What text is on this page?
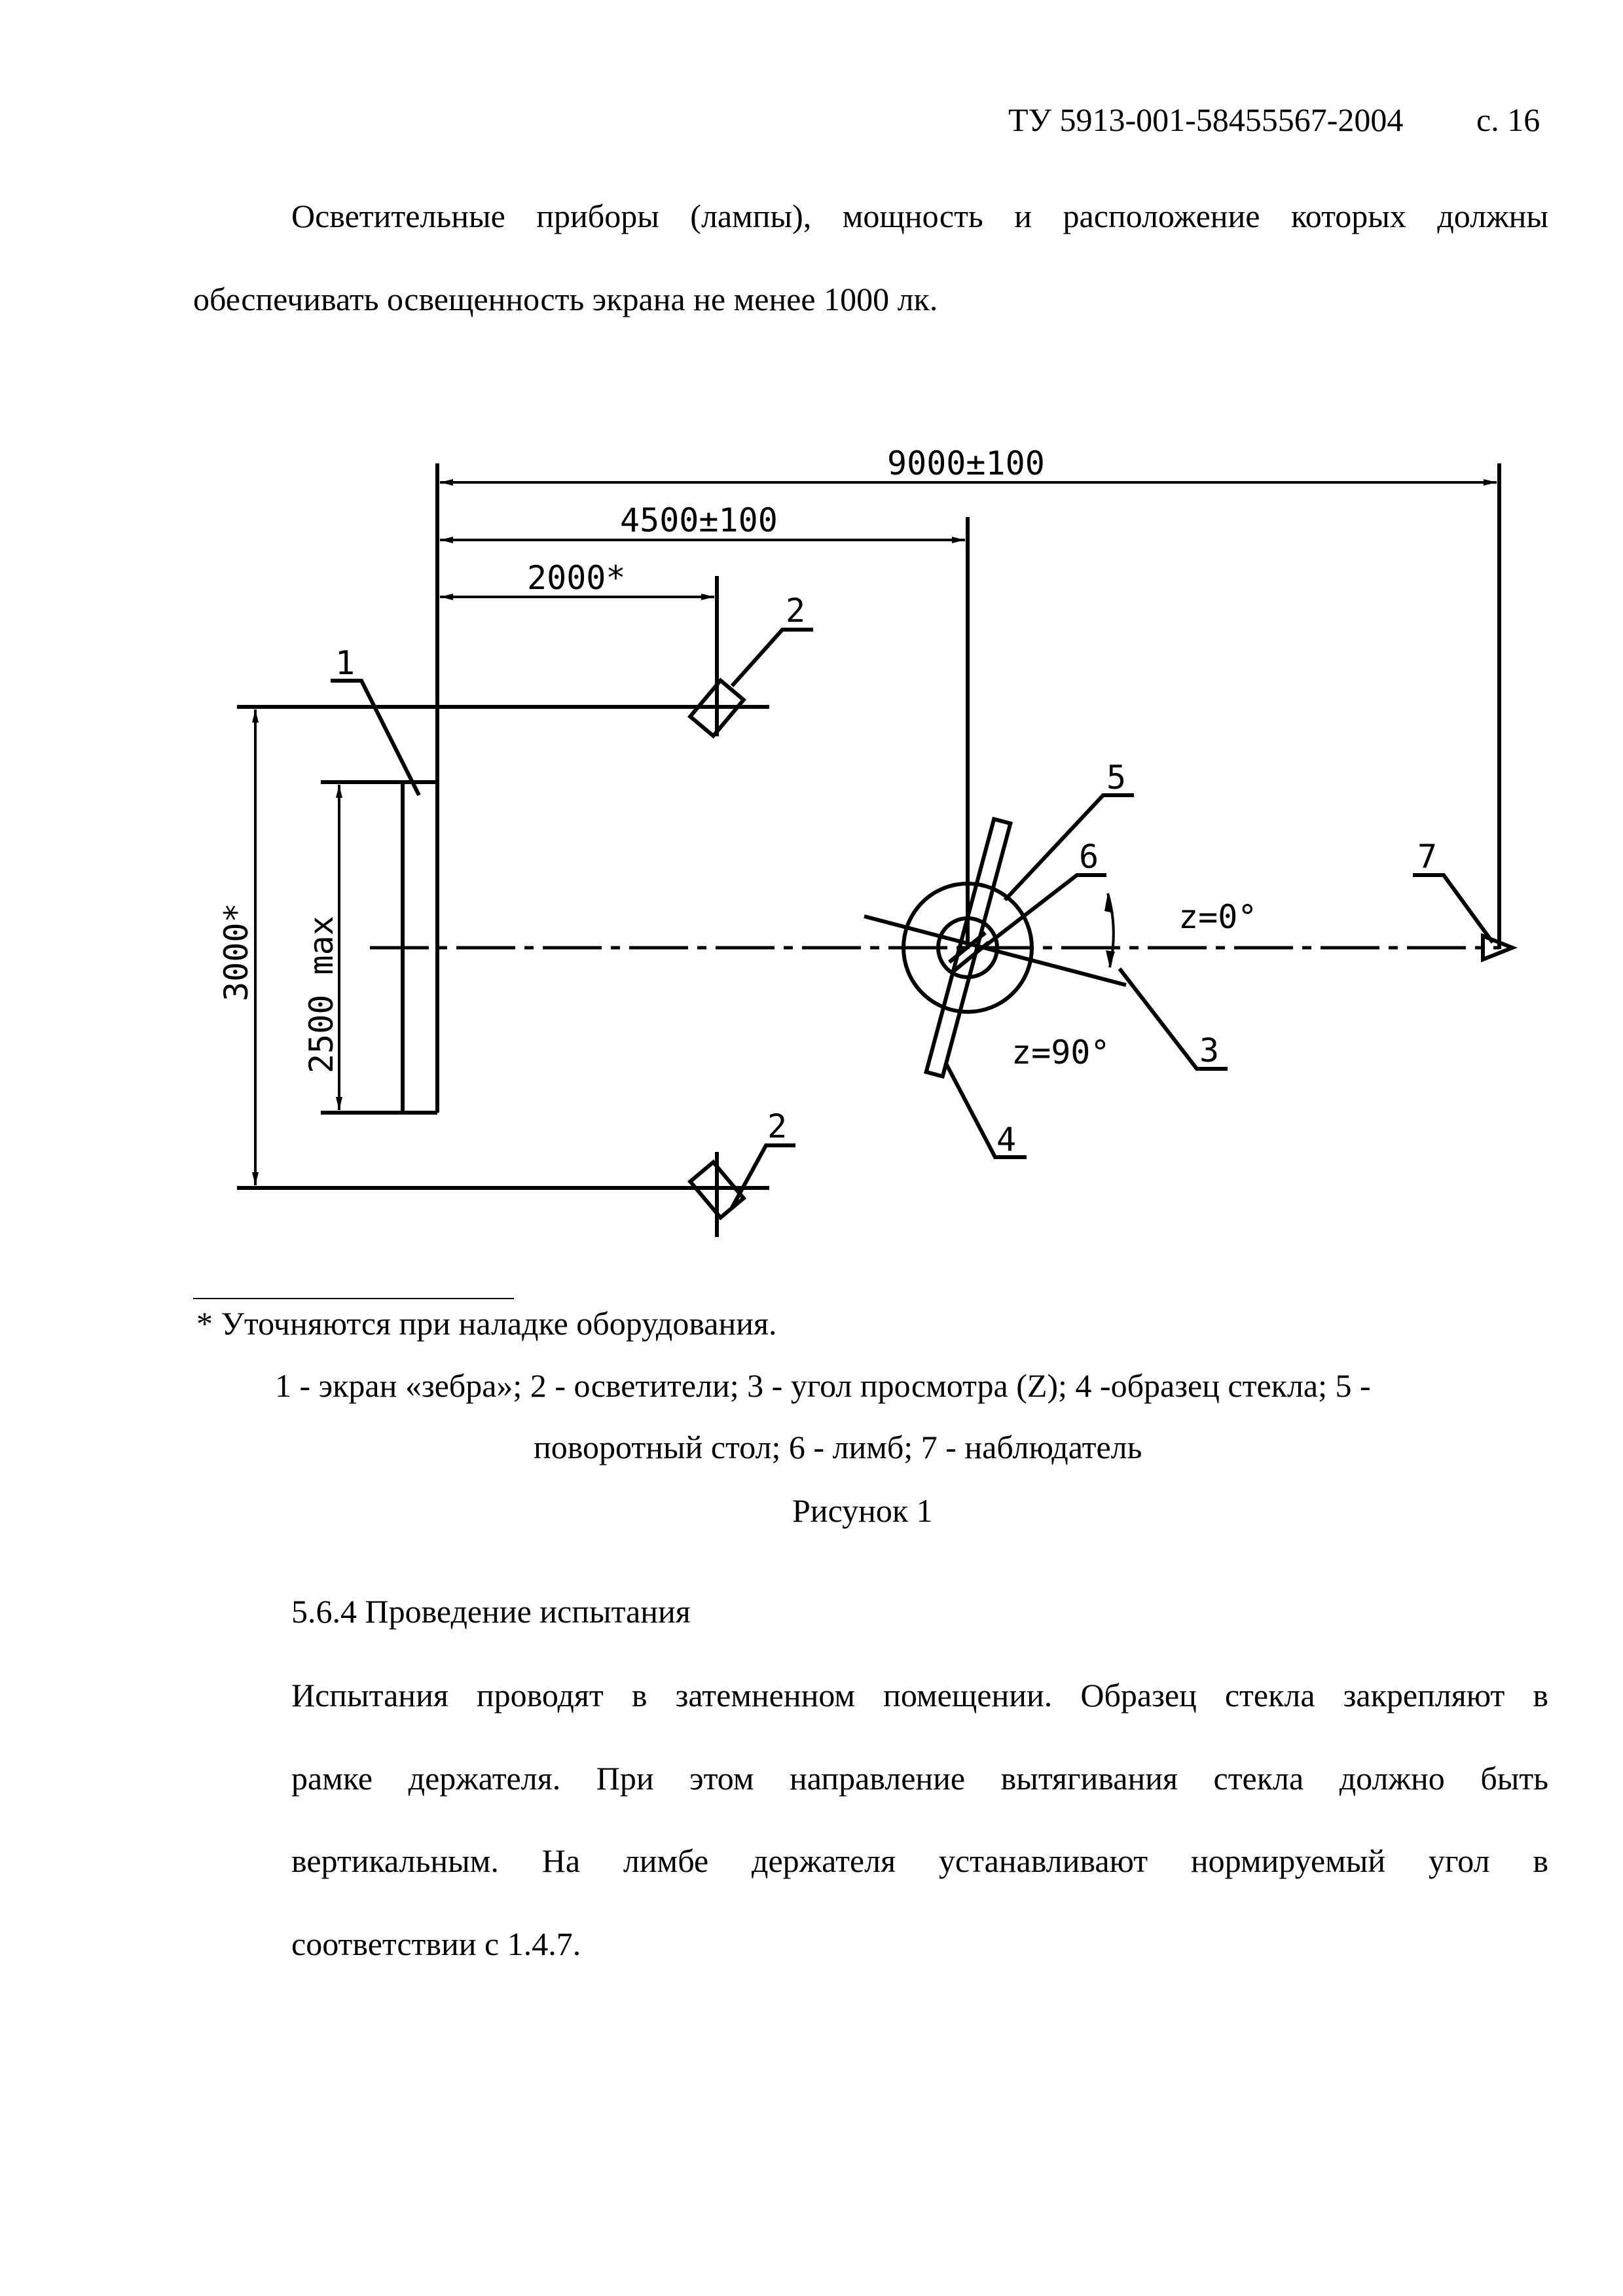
ТУ 5913-001-58455567-2004 с. 16
Осветительные приборы (лампы), мощность и расположение которых должны
обеспечивать освещенность экрана не менее 1000 лк.
9000±100
4500±100
2000*
3000* 2500 max	z=0°
z=90°
1
2
2
3
4
5
6	7
* Уточняются при наладке оборудования.
1 - экран «зебра»; 2 - осветители; 3 - угол просмотра (Z); 4 -образец стекла; 5 -
поворотный стол; 6 - лимб; 7 - наблюдатель
Рисунок 1
5.6.4 Проведение испытания
Испытания проводят в затемненном помещении. Образец стекла закрепляют в
рамке держателя. При этом направление вытягивания стекла должно быть
вертикальным. На лимбе держателя устанавливают нормируемый угол в
соответствии с 1.4.7.
